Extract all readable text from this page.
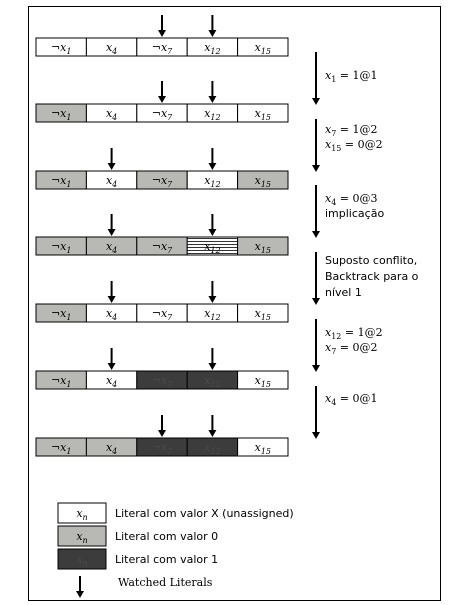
$\neg x_1$	$x_4$	$\neg x_7$	$x_{12}$	$x_{15}$
$\neg x_1$	$x_4$	$\neg x_7$	$x_{12}$	$x_{15}$
$\neg x_1$	$x_4$	$\neg x_7$	$x_{12}$	$x_{15}$
$\neg x_1$	$x_4$	$\neg x_7$	$x_{12}$	$x_{15}$
$\neg x_1$	$x_4$	$\neg x_7$	$x_{12}$	$x_{15}$
$\neg x_1$	$x_4$	$\neg x_7$	$x_{12}$	$x_{15}$
$\neg x_1$	$x_4$	$\neg x_7$	$x_{12}$	$x_{15}$
$x_1$ = 1@1
$x_7$ = 1@2
$x_{15}$ = 0@2
$x_4$ = 0@3
implicação
Suposto conflito,
Backtrack para o
nível 1
$x_{12}$ = 1@2
$x_7$ = 0@2
$x_4$ = 0@1
$x_n$ Literal com valor X (unassigned)
$x_n$ Literal com valor 0
$x_n$ Literal com valor 1
Watched Literals
